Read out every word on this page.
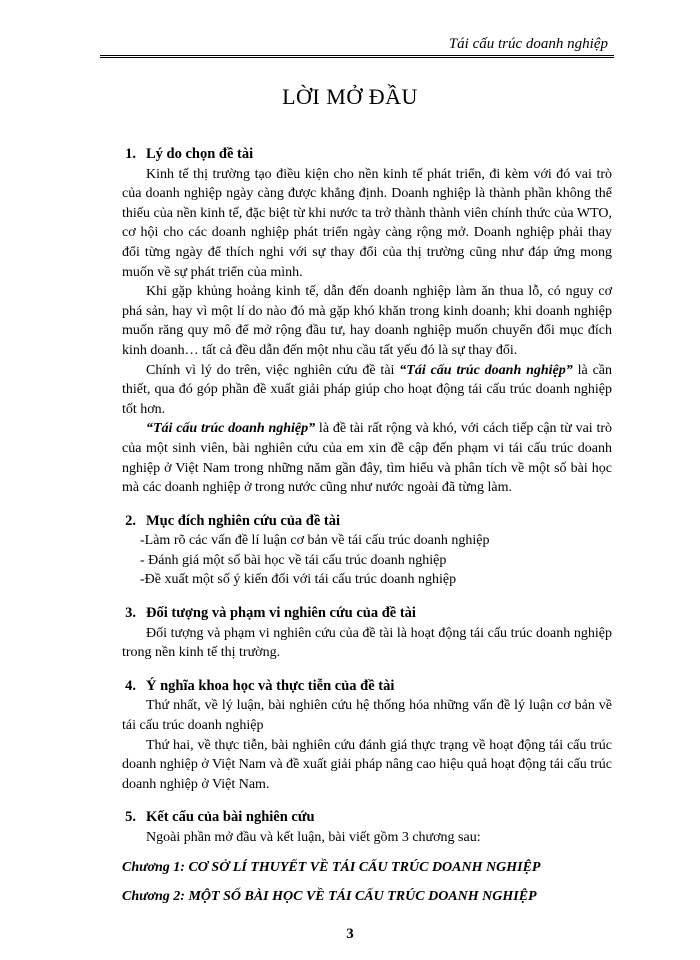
Tái cấu trúc doanh nghiệp
LỜI MỞ ĐẦU
1. Lý do chọn đề tài

Kinh tế thị trường tạo điều kiện cho nền kinh tế phát triển, đi kèm với đó vai trò của doanh nghiệp ngày càng được khẳng định. Doanh nghiệp là thành phần không thể thiếu của nền kinh tế, đặc biệt từ khi nước ta trở thành thành viên chính thức của WTO, cơ hội cho các doanh nghiệp phát triển ngày càng rộng mở. Doanh nghiệp phải thay đổi từng ngày để thích nghi với sự thay đổi của thị trường cũng như đáp ứng mong muốn về sự phát triển của mình.

Khi gặp khủng hoảng kinh tế, dẫn đến doanh nghiệp làm ăn thua lỗ, có nguy cơ phá sản, hay vì một lí do nào đó mà gặp khó khăn trong kinh doanh; khi doanh nghiệp muốn răng quy mô để mở rộng đầu tư, hay doanh nghiệp muốn chuyển đổi mục đích kinh doanh… tất cả đều dẫn đến một nhu cầu tất yếu đó là sự thay đổi.

Chính vì lý do trên, việc nghiên cứu đề tài “Tái cấu trúc doanh nghiệp” là cần thiết, qua đó góp phần đề xuất giải pháp giúp cho hoạt động tái cấu trúc doanh nghiệp tốt hơn.

“Tái cấu trúc doanh nghiệp” là đề tài rất rộng và khó, với cách tiếp cận từ vai trò của một sinh viên, bài nghiên cứu của em xin đề cập đến phạm vi tái cấu trúc doanh nghiệp ở Việt Nam trong những năm gần đây, tìm hiểu và phân tích về một số bài học mà các doanh nghiệp ở trong nước cũng như nước ngoài đã từng làm.

2. Mục đích nghiên cứu của đề tài

-Làm rõ các vấn đề lí luận cơ bản về tái cấu trúc doanh nghiệp

- Đánh giá một số bài học về tái cấu trúc doanh nghiệp

-Đề xuất một số ý kiến đối với tái cấu trúc doanh nghiệp

3. Đối tượng và phạm vi nghiên cứu của đề tài

Đối tượng và phạm vi nghiên cứu của đề tài là hoạt động tái cấu trúc doanh nghiệp trong nền kinh tế thị trường.

4. Ý nghĩa khoa học và thực tiễn của đề tài

Thứ nhất, về lý luận, bài nghiên cứu hệ thống hóa những vấn đề lý luận cơ bản về tái cấu trúc doanh nghiệp

Thứ hai, về thực tiễn, bài nghiên cứu đánh giá thực trạng về hoạt động tái cấu trúc doanh nghiệp ở Việt Nam và đề xuất giải pháp nâng cao hiệu quả hoạt động tái cấu trúc doanh nghiệp ở Việt Nam.

5. Kết cấu của bài nghiên cứu

Ngoài phần mở đầu và kết luận, bài viết gồm 3 chương sau:

Chương 1: CƠ SỞ LÍ THUYẾT VỀ TÁI CẤU TRÚC DOANH NGHIỆP

Chương 2: MỘT SỐ BÀI HỌC VỀ TÁI CẤU TRÚC DOANH NGHIỆP

3
